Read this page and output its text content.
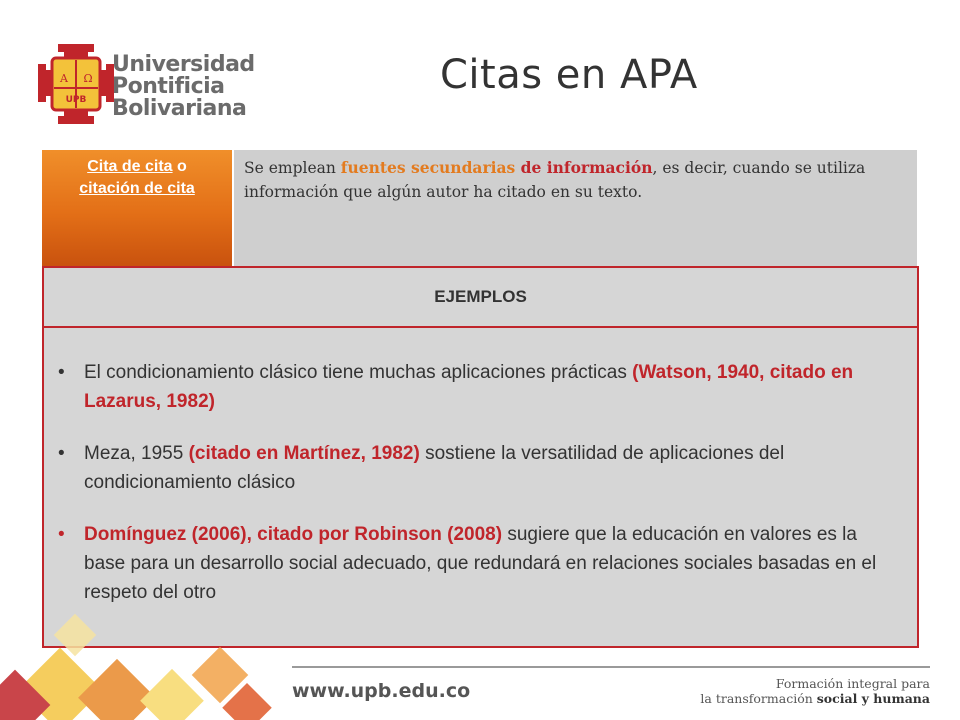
A Ω
UPB
Universidad
Pontificia
Bolivariana
Citas en APA
Cita de cita o
citación de cita
Se emplean fuentes secundarias de información, es decir, cuando se utiliza información que algún autor ha citado en su texto.
EJEMPLOS
• El condicionamiento clásico tiene muchas aplicaciones prácticas (Watson, 1940, citado en Lazarus, 1982)
• Meza, 1955 (citado en Martínez, 1982) sostiene la versatilidad de aplicaciones del condicionamiento clásico
• Domínguez (2006), citado por Robinson (2008) sugiere que la educación en valores es la base para un desarrollo social adecuado, que redundará en relaciones sociales basadas en el respeto del otro
www.upb.edu.co	Formación integral para
la transformación social y humana
